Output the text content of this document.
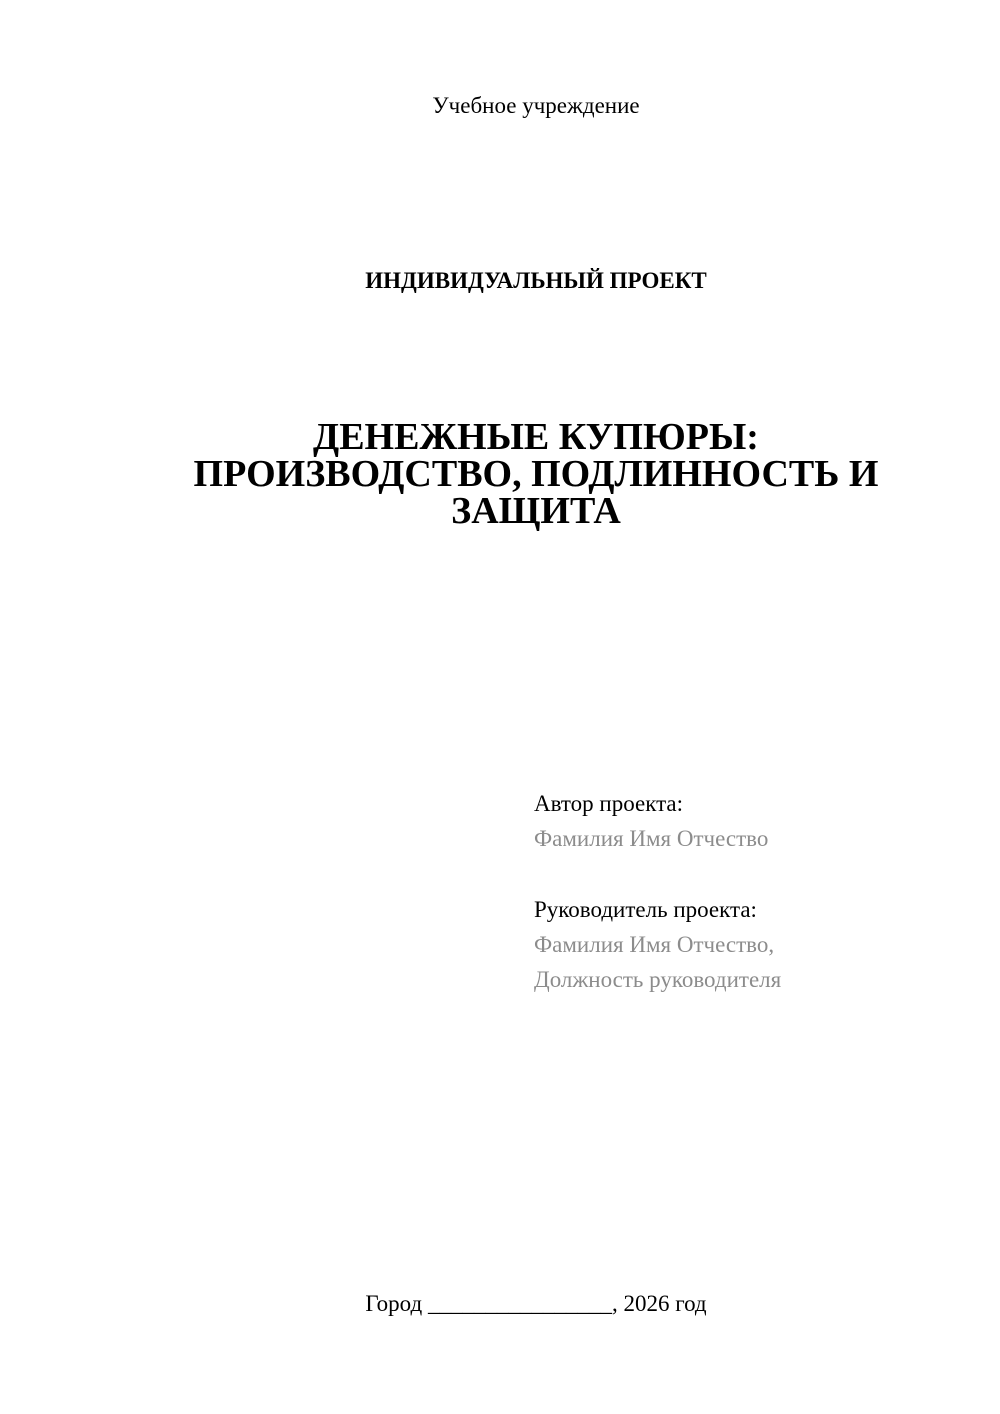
Учебное учреждение
ИНДИВИДУАЛЬНЫЙ ПРОЕКТ
ДЕНЕЖНЫЕ КУПЮРЫ:
ПРОИЗВОДСТВО, ПОДЛИННОСТЬ И
ЗАЩИТА
Автор проекта:
Фамилия Имя Отчество
Руководитель проекта:
Фамилия Имя Отчество,
Должность руководителя
Город ________________, 2026 год
